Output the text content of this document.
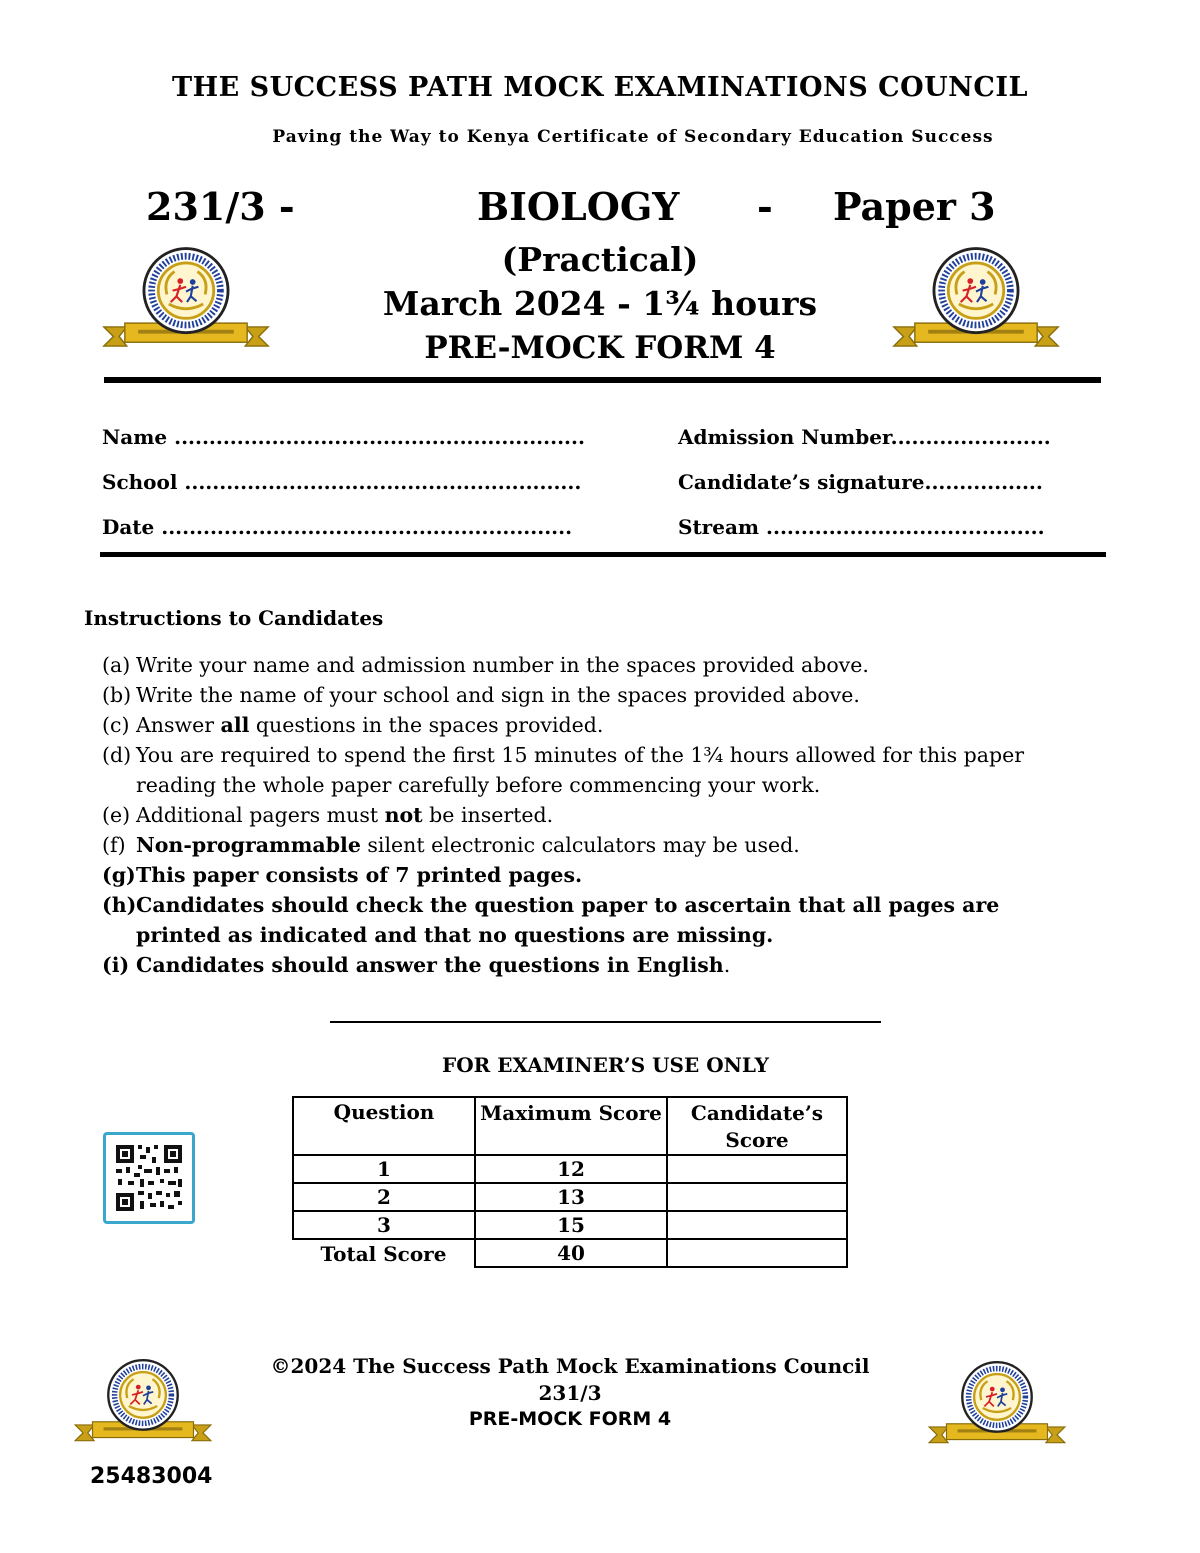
THE SUCCESS PATH MOCK EXAMINATIONS COUNCIL
Paving the Way to Kenya Certificate of Secondary Education Success
231/3 -	BIOLOGY - Paper 3
(Practical)
March 2024 - 1¾ hours
PRE-MOCK FORM 4
Name ...........................................................	Admission Number.......................
School .........................................................	Candidate’s signature.................
Date ...........................................................	Stream ........................................
Instructions to Candidates
(a) Write your name and admission number in the spaces provided above.
(b) Write the name of your school and sign in the spaces provided above.
(c) Answer all questions in the spaces provided.
(d) You are required to spend the first 15 minutes of the 1¾ hours allowed for this paper reading the whole paper carefully before commencing your work.
(e) Additional pagers must not be inserted.
(f) Non-programmable silent electronic calculators may be used.
(g) This paper consists of 7 printed pages.
(h) Candidates should check the question paper to ascertain that all pages are printed as indicated and that no questions are missing.
(i) Candidates should answer the questions in English.
FOR EXAMINER’S USE ONLY
Question	Maximum Score	Candidate’s Score
1	12	
2	13	
3	15	
Total Score	40	
©2024 The Success Path Mock Examinations Council
231/3
PRE-MOCK FORM 4
25483004
